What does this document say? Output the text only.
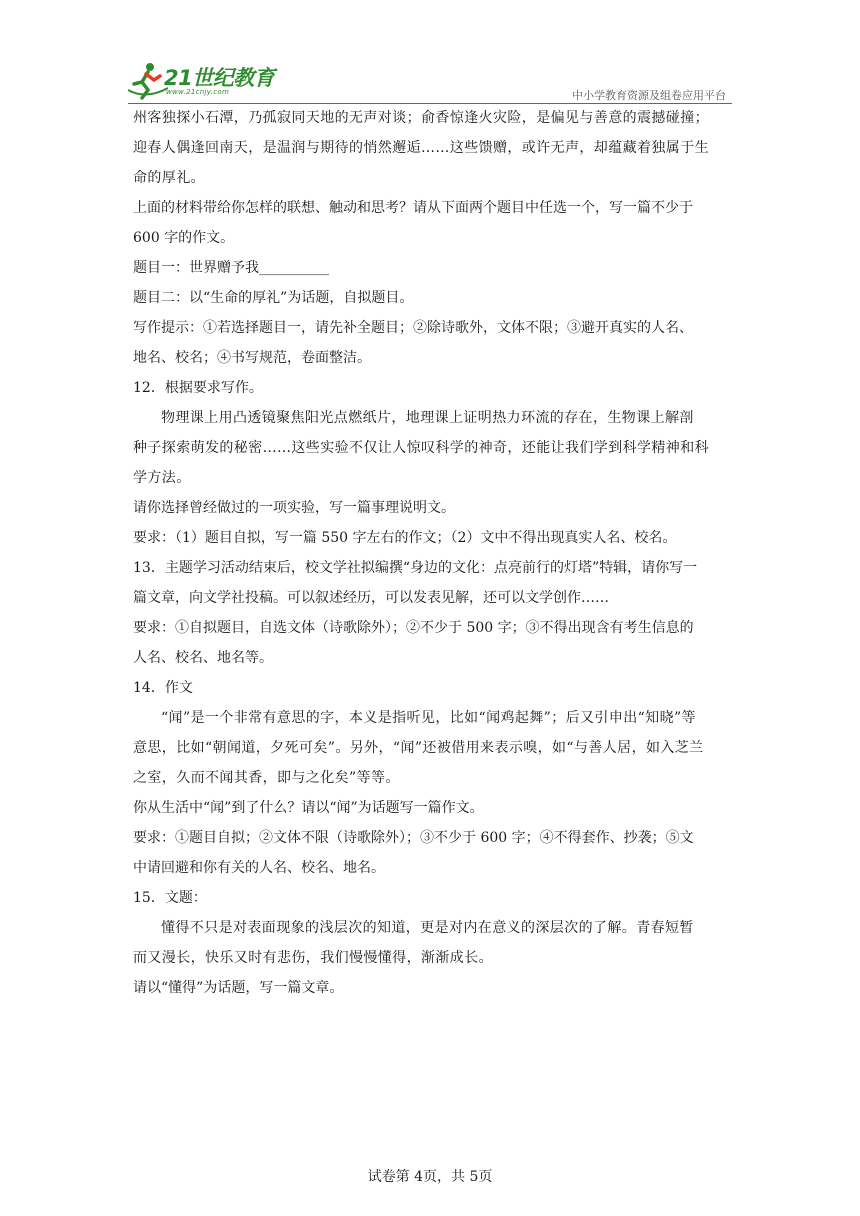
21世纪教育
www.21cnjy.com	中小学教育资源及组卷应用平台

州客独探小石潭，乃孤寂同天地的无声对谈；俞香惊逢火灾险，是偏见与善意的震撼碰撞；

迎春人偶逢回南天，是温润与期待的悄然邂逅……这些馈赠，或许无声，却蕴藏着独属于生

命的厚礼。

上面的材料带给你怎样的联想、触动和思考？请从下面两个题目中任选一个，写一篇不少于

600 字的作文。

题目一：世界赠予我__________

题目二：以“生命的厚礼”为话题，自拟题目。

写作提示：①若选择题目一，请先补全题目；②除诗歌外，文体不限；③避开真实的人名、

地名、校名；④书写规范，卷面整洁。

12．根据要求写作。

物理课上用凸透镜聚焦阳光点燃纸片，地理课上证明热力环流的存在，生物课上解剖

种子探索萌发的秘密……这些实验不仅让人惊叹科学的神奇，还能让我们学到科学精神和科

学方法。

请你选择曾经做过的一项实验，写一篇事理说明文。

要求：（1）题目自拟，写一篇 550 字左右的作文；（2）文中不得出现真实人名、校名。

13．主题学习活动结束后，校文学社拟编撰“身边的文化：点亮前行的灯塔”特辑，请你写一

篇文章，向文学社投稿。可以叙述经历，可以发表见解，还可以文学创作……

要求：①自拟题目，自选文体（诗歌除外）；②不少于 500 字；③不得出现含有考生信息的

人名、校名、地名等。

14．作文

“闻”是一个非常有意思的字，本义是指听见，比如“闻鸡起舞”；后又引申出“知晓”等

意思，比如“朝闻道，夕死可矣”。另外，“闻”还被借用来表示嗅，如“与善人居，如入芝兰

之室，久而不闻其香，即与之化矣”等等。

你从生活中“闻”到了什么？请以“闻”为话题写一篇作文。

要求：①题目自拟；②文体不限（诗歌除外）；③不少于 600 字；④不得套作、抄袭；⑤文

中请回避和你有关的人名、校名、地名。

15．文题：

懂得不只是对表面现象的浅层次的知道，更是对内在意义的深层次的了解。青春短暂

而又漫长，快乐又时有悲伤，我们慢慢懂得，渐渐成长。

请以“懂得”为话题，写一篇文章。

试卷第 4页，共 5页
